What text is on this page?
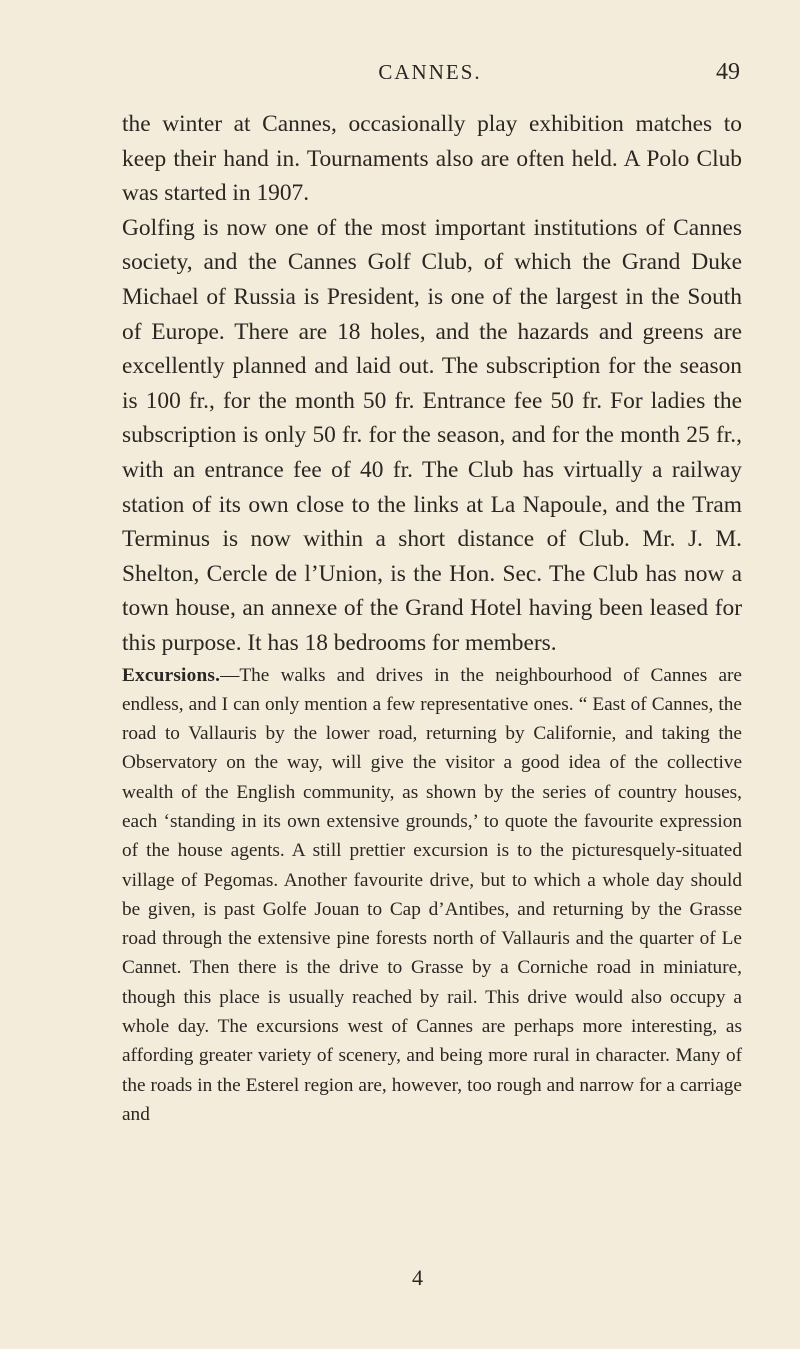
CANNES.	49

the winter at Cannes, occasionally play exhibition matches to keep their hand in. Tournaments also are often held. A Polo Club was started in 1907.

Golfing is now one of the most important institutions of Cannes society, and the Cannes Golf Club, of which the Grand Duke Michael of Russia is President, is one of the largest in the South of Europe. There are 18 holes, and the hazards and greens are excellently planned and laid out. The subscription for the season is 100 fr., for the month 50 fr. Entrance fee 50 fr. For ladies the subscription is only 50 fr. for the season, and for the month 25 fr., with an entrance fee of 40 fr. The Club has virtually a railway station of its own close to the links at La Napoule, and the Tram Terminus is now within a short distance of Club. Mr. J. M. Shelton, Cercle de l’Union, is the Hon. Sec. The Club has now a town house, an annexe of the Grand Hotel having been leased for this purpose. It has 18 bedrooms for members.

Excursions.—The walks and drives in the neighbourhood of Cannes are endless, and I can only mention a few representative ones. “ East of Cannes, the road to Vallauris by the lower road, returning by Californie, and taking the Observatory on the way, will give the visitor a good idea of the collective wealth of the English community, as shown by the series of country houses, each ‘standing in its own extensive grounds,’ to quote the favourite expression of the house agents. A still prettier excursion is to the picturesquely-situated village of Pegomas. Another favourite drive, but to which a whole day should be given, is past Golfe Jouan to Cap d’Antibes, and returning by the Grasse road through the extensive pine forests north of Vallauris and the quarter of Le Cannet. Then there is the drive to Grasse by a Corniche road in miniature, though this place is usually reached by rail. This drive would also occupy a whole day. The excursions west of Cannes are perhaps more interesting, as affording greater variety of scenery, and being more rural in character. Many of the roads in the Esterel region are, however, too rough and narrow for a carriage and

4
